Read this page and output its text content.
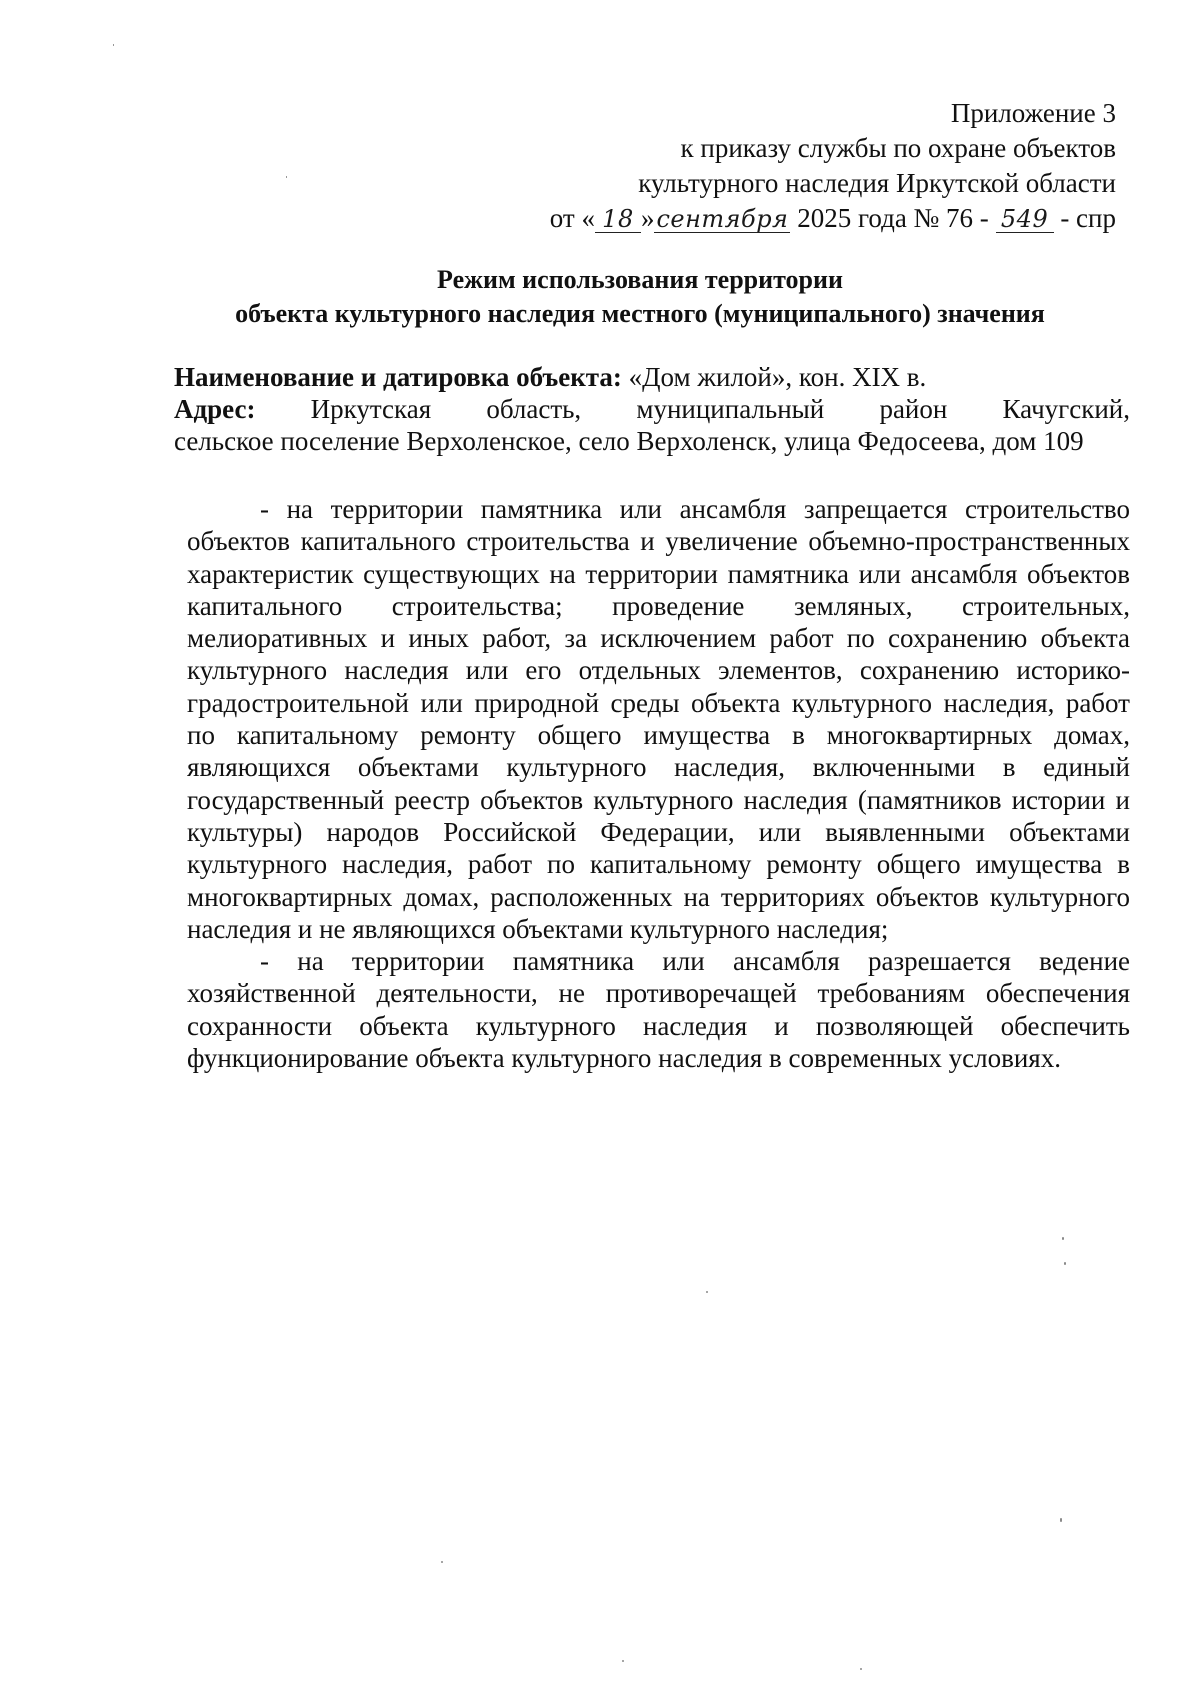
Приложение 3
к приказу службы по охране объектов
культурного наследия Иркутской области
от « 18 »сентября 2025 года № 76 - 549 - спр
Режим использования территории
объекта культурного наследия местного (муниципального) значения
Наименование и датировка объекта: «Дом жилой», кон. XIX в.
Адрес: Иркутская область, муниципальный район Качугский,
сельское поселение Верхоленское, село Верхоленск, улица Федосеева, дом 109

- на территории памятника или ансамбля запрещается строительство объектов капитального строительства и увеличение объемно-пространственных характеристик существующих на территории памятника или ансамбля объектов капитального строительства; проведение земляных, строительных, мелиоративных и иных работ, за исключением работ по сохранению объекта культурного наследия или его отдельных элементов, сохранению историко-градостроительной или природной среды объекта культурного наследия, работ по капитальному ремонту общего имущества в многоквартирных домах, являющихся объектами культурного наследия, включенными в единый государственный реестр объектов культурного наследия (памятников истории и культуры) народов Российской Федерации, или выявленными объектами культурного наследия, работ по капитальному ремонту общего имущества в многоквартирных домах, расположенных на территориях объектов культурного наследия и не являющихся объектами культурного наследия;

- на территории памятника или ансамбля разрешается ведение хозяйственной деятельности, не противоречащей требованиям обеспечения сохранности объекта культурного наследия и позволяющей обеспечить функционирование объекта культурного наследия в современных условиях.
